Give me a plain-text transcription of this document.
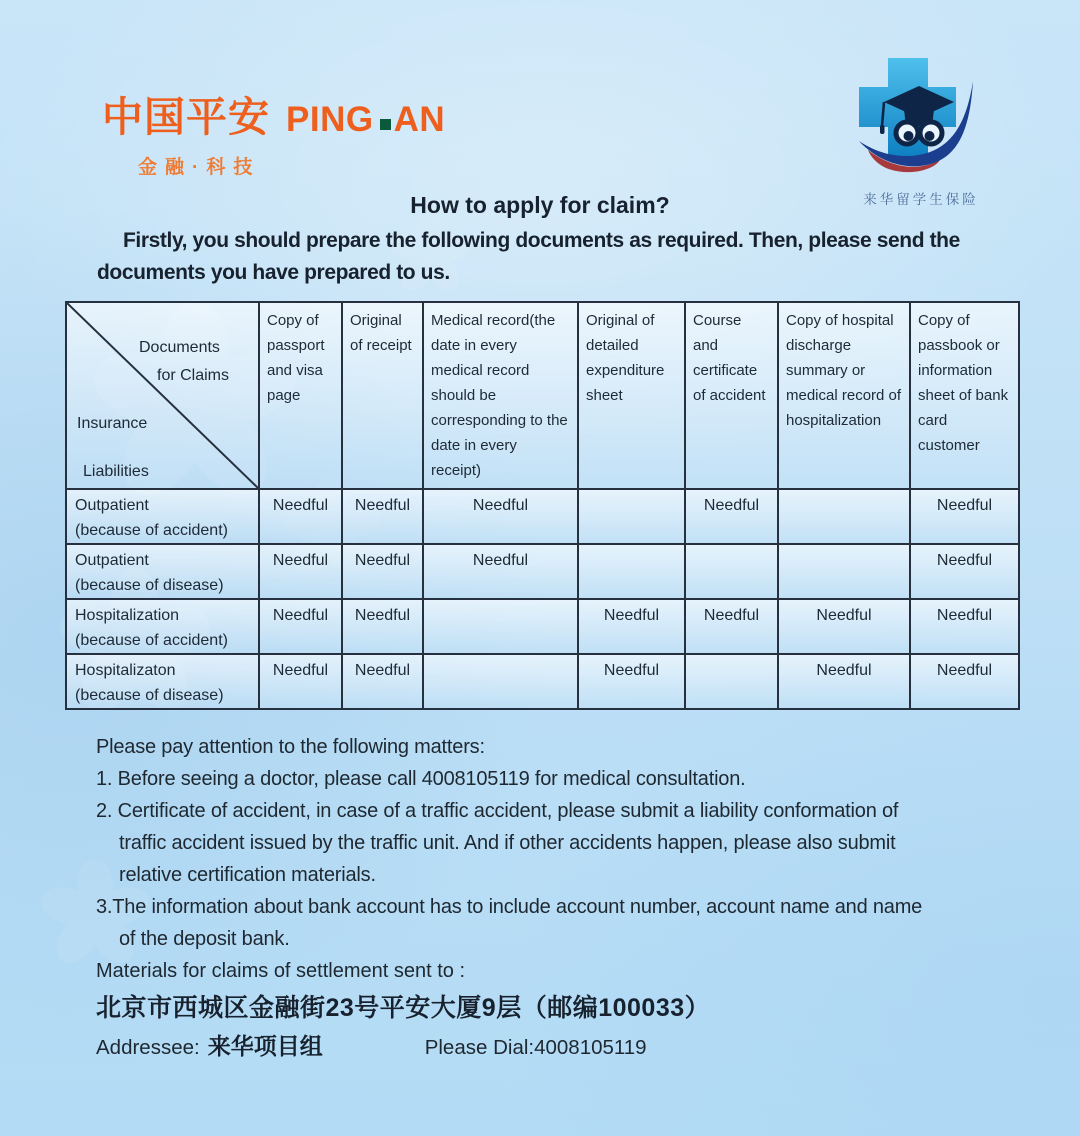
中国平安 PING AN
金融·科技
来华留学生保险
How to apply for claim?
Firstly, you should prepare the following documents as required. Then, please send the
documents you have prepared to us.
Documents
for Claims
Insurance
Liabilities	Copy of passport and visa page	Original of receipt	Medical record(the date in every medical record should be corresponding to the date in every receipt)	Original of detailed expenditure sheet	Course and certificate of accident	Copy of hospital discharge summary or medical record of hospitalization	Copy of passbook or information sheet of bank card customer

Outpatient
(because of accident)	Needful	Needful	Needful		Needful		Needful

Outpatient
(because of disease)	Needful	Needful	Needful				Needful

Hospitalization
(because of accident)	Needful	Needful		Needful	Needful	Needful	Needful

Hospitalizaton
(because of disease)	Needful	Needful		Needful		Needful	Needful
Please pay attention to the following matters:
1. Before seeing a doctor, please call 4008105119 for medical consultation.
2. Certificate of accident, in case of a traffic accident, please submit a liability conformation of
traffic accident issued by the traffic unit. And if other accidents happen, please also submit
relative certification materials.
3.The information about bank account has to include account number, account name and name
of the deposit bank.
Materials for claims of settlement sent to :
北京市西城区金融街23号平安大厦9层（邮编100033）
Addressee: 来华项目组	Please Dial:4008105119
